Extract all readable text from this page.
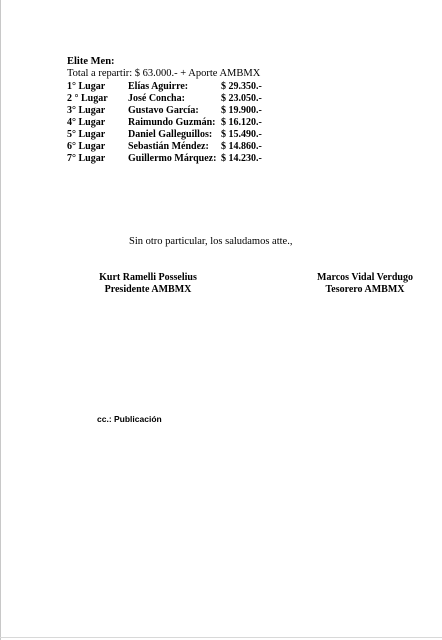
Elite Men:
Total a repartir: $ 63.000.- + Aporte AMBMX
1° Lugar Elías Aguirre:	$ 29.350.-
2 ° Lugar José Concha:	$ 23.050.-
3° Lugar Gustavo García: $ 19.900.-
4° Lugar Raimundo Guzmán: $ 16.120.-
5° Lugar Daniel Galleguillos: $ 15.490.-
6° Lugar Sebastián Méndez: $ 14.860.-
7° Lugar Guillermo Márquez: $ 14.230.-
Sin otro particular, los saludamos atte.,
Kurt Ramelli Posselius
Presidente AMBMX
Marcos Vidal Verdugo
Tesorero AMBMX
cc.: Publicación
